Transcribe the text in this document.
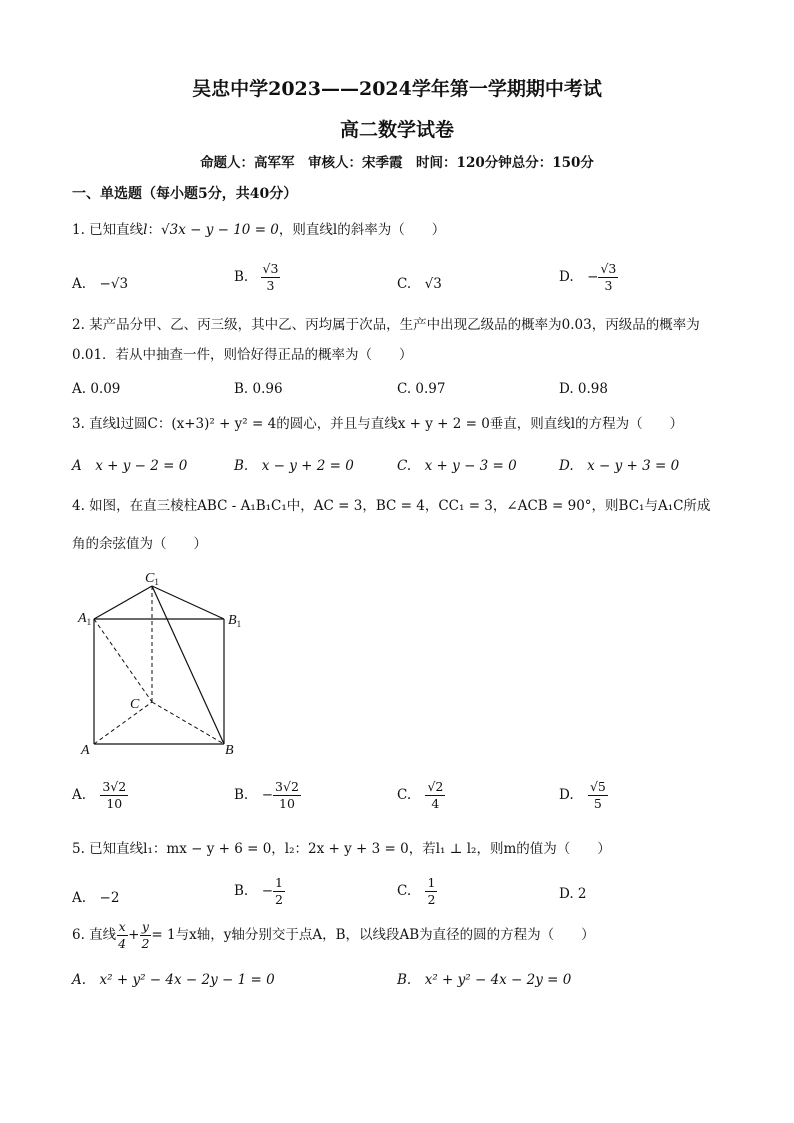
吴忠中学2023——2024学年第一学期期中考试
高二数学试卷
命题人：高军军　审核人：宋季霞　时间：120分钟总分：150分
一、单选题（每小题5分，共40分）
1. 已知直线l：√3x − y − 10 = 0，则直线l的斜率为（　　）
A.　−√3	B. $\frac{√3}{3}$	C.　√3	D.　− $\frac{√3}{3}$
2. 某产品分甲、乙、丙三级，其中乙、丙均属于次品，生产中出现乙级品的概率为0.03，丙级品的概率为
0.01．若从中抽查一件，则恰好得正品的概率为（　　）
A. 0.09	B. 0.96	C. 0.97	D. 0.98
3. 直线l过圆C：(x+3)² + y² = 4的圆心，并且与直线x + y + 2 = 0垂直，则直线l的方程为（　　）
A　x + y − 2 = 0	B.　x − y + 2 = 0	C.　x + y − 3 = 0	D.　x − y + 3 = 0
4. 如图，在直三棱柱ABC - A₁B₁C₁中，AC = 3，BC = 4，CC₁ = 3，∠ACB = 90°，则BC₁与A₁C所成
角的余弦值为（　　）
$C_1$
$A_1$	$B_1$
C
A	B
A. $\frac{3√2}{10}$	B.　− $\frac{3√2}{10}$	C. $\frac{√2}{4}$	D. $\frac{√5}{5}$
5. 已知直线l₁：mx − y + 6 = 0，l₂：2x + y + 3 = 0，若l₁ ⊥ l₂，则m的值为（　　）
A.　−2	B.　− $\frac{1}{2}$	C. $\frac{1}{2}$	D. 2
6. 直线 $\frac{x}{4} + \frac{y}{2} = 1$与x轴，y轴分别交于点A，B，以线段AB为直径的圆的方程为（　　）
A.　x² + y² − 4x − 2y − 1 = 0	B.　x² + y² − 4x − 2y = 0
